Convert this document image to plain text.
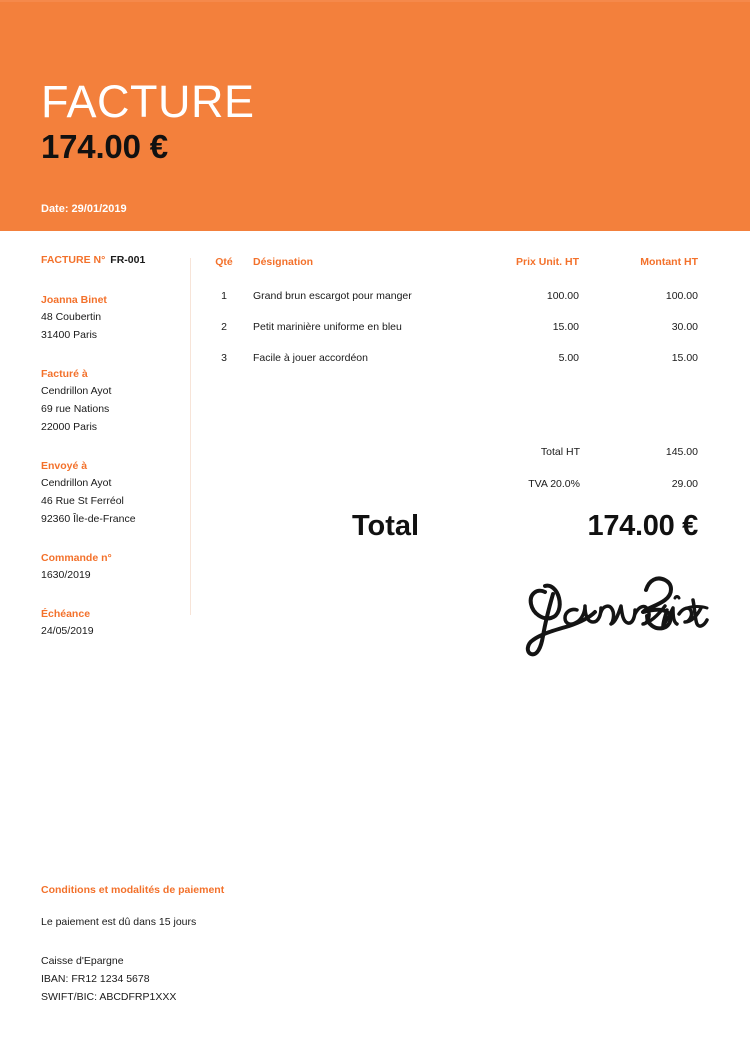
FACTURE
174.00 €
Date: 29/01/2019
FACTURE N° FR-001
Joanna Binet
48 Coubertin
31400 Paris
Facturé à
Cendrillon Ayot
69 rue Nations
22000 Paris
Envoyé à
Cendrillon Ayot
46 Rue St Ferréol
92360 Île-de-France
Commande n°
1630/2019
Échéance
24/05/2019
Qté	Désignation	Prix Unit. HT	Montant HT
1	Grand brun escargot pour manger	100.00	100.00
2	Petit marinière uniforme en bleu	15.00	30.00
3	Facile à jouer accordéon	5.00	15.00
Total HT	145.00
TVA 20.0%	29.00
Total	174.00 €
Conditions et modalités de paiement
Le paiement est dû dans 15 jours
Caisse d'Epargne
IBAN: FR12 1234 5678
SWIFT/BIC: ABCDFRP1XXX
